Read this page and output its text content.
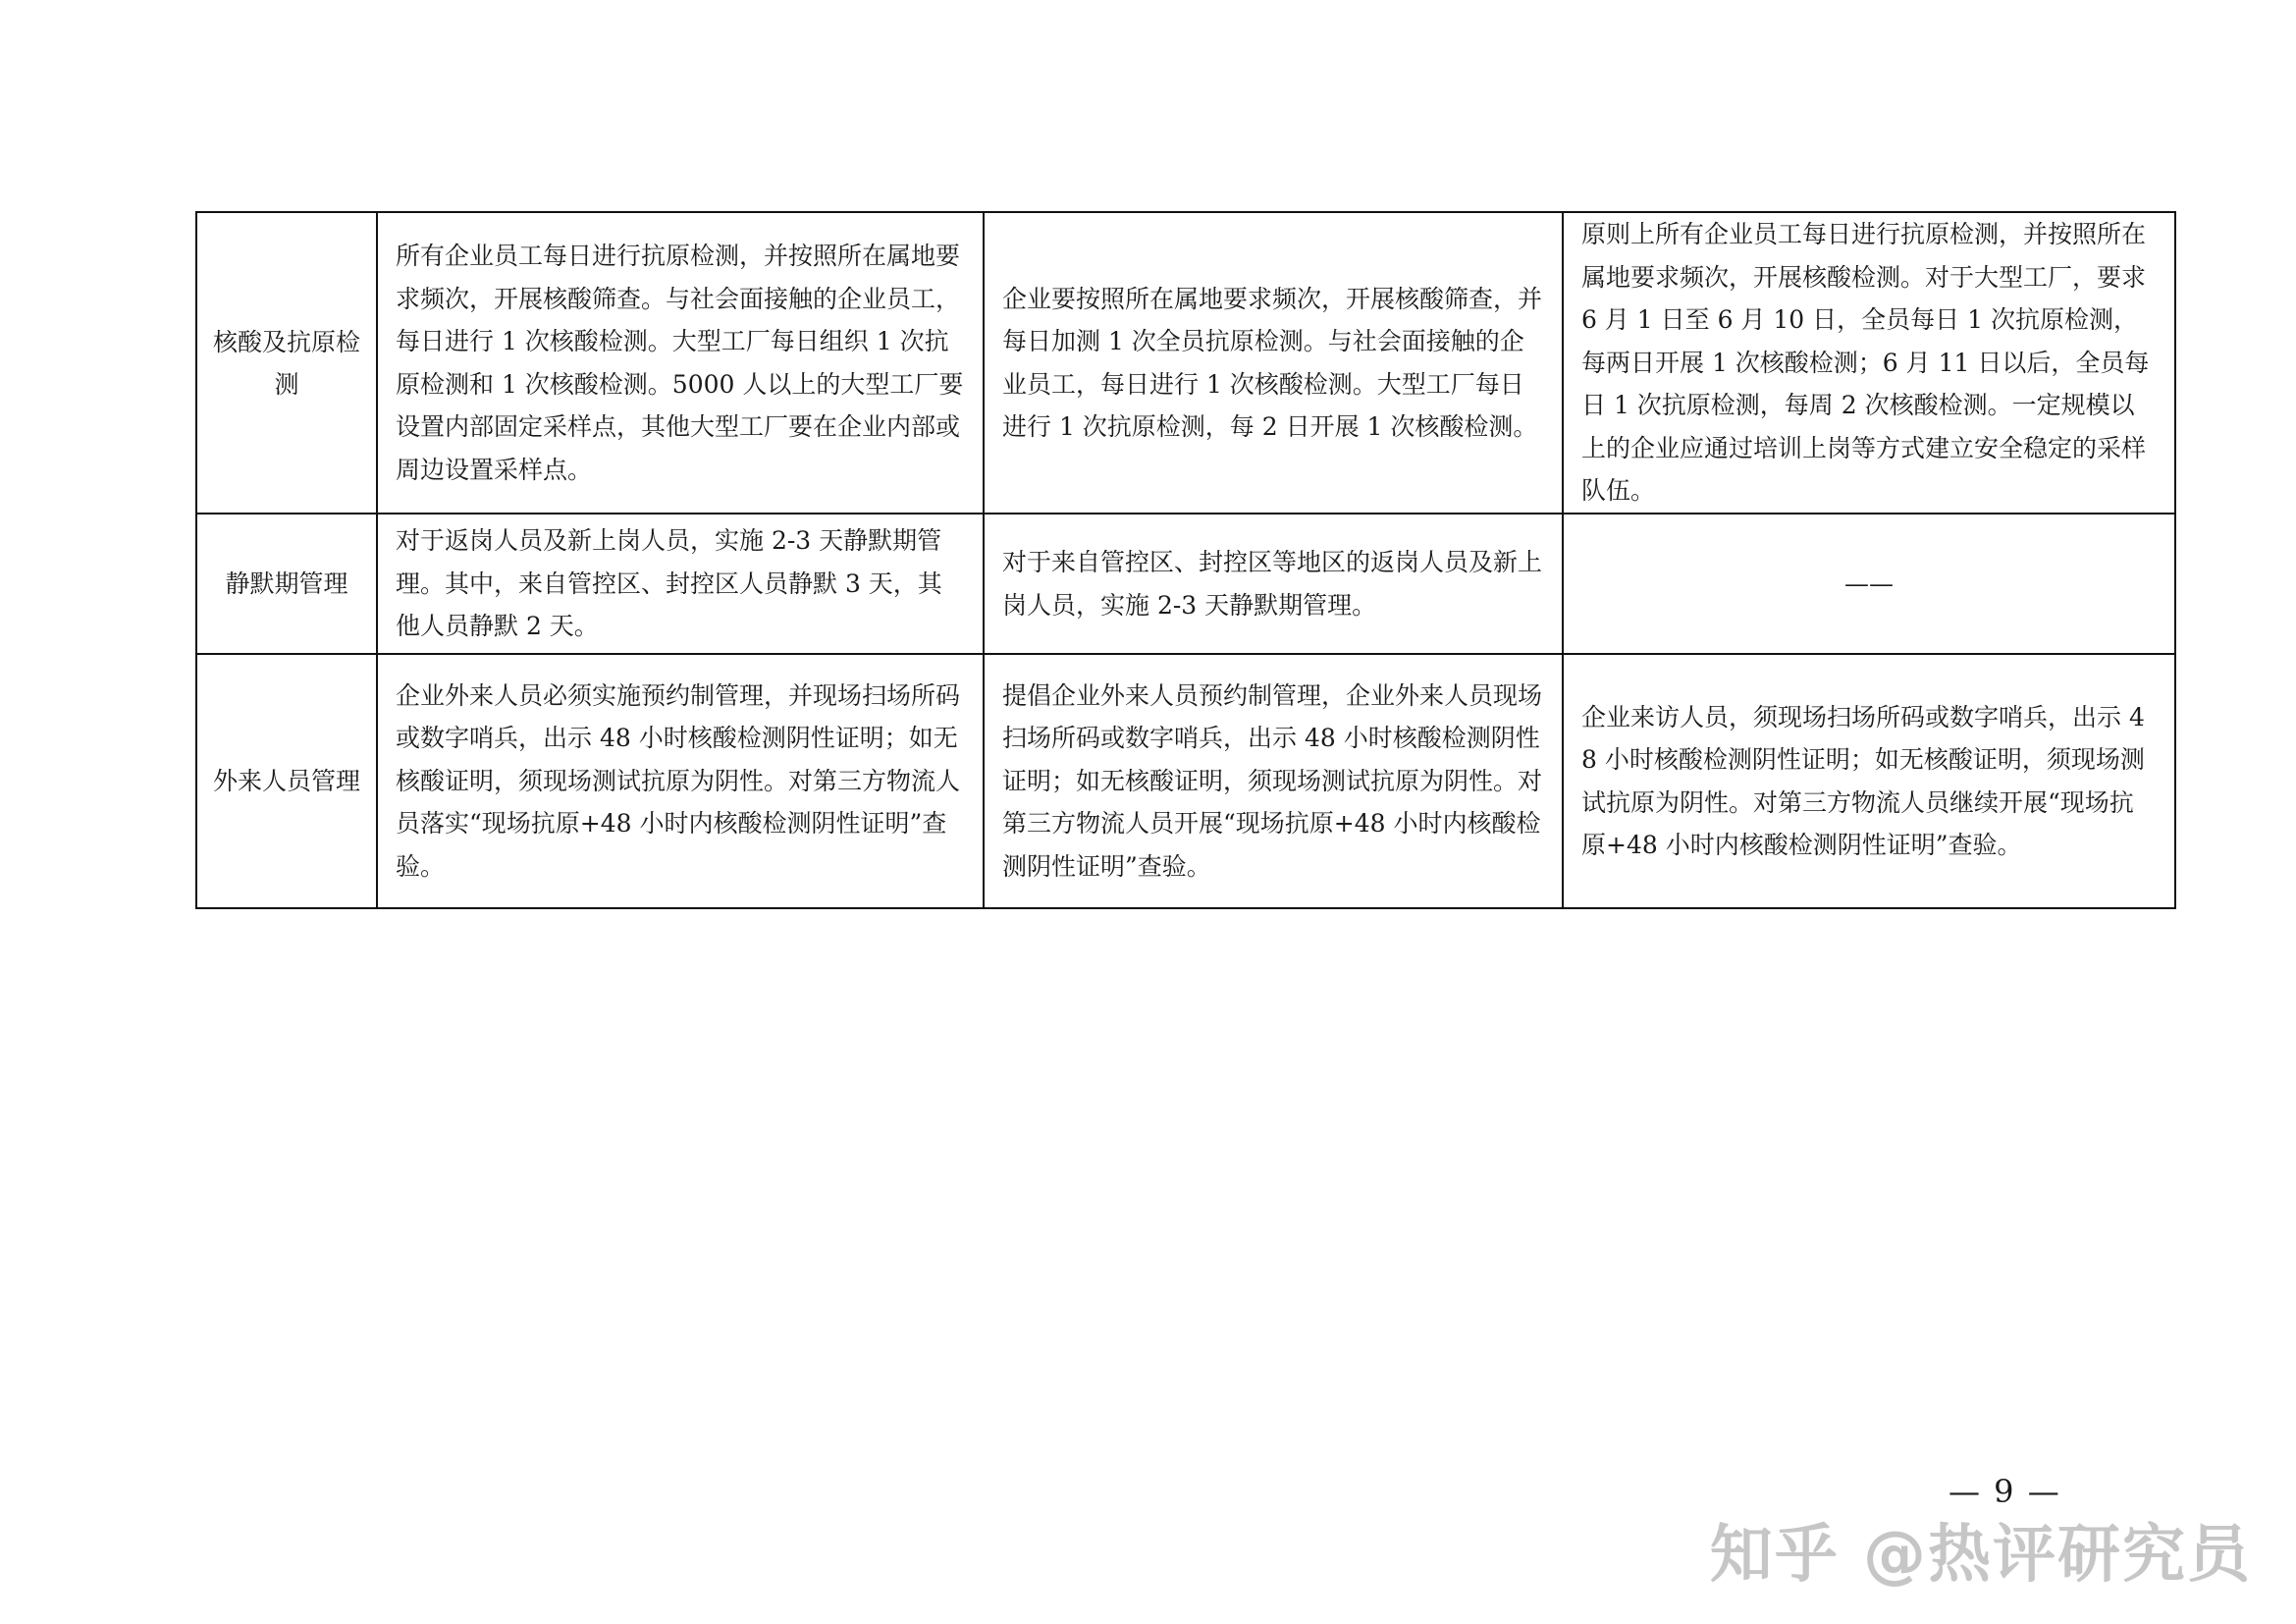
核酸及抗原检测	所有企业员工每日进行抗原检测，并按照所在属地要求频次，开展核酸筛查。与社会面接触的企业员工，每日进行 1 次核酸检测。大型工厂每日组织 1 次抗原检测和 1 次核酸检测。5000 人以上的大型工厂要设置内部固定采样点，其他大型工厂要在企业内部或周边设置采样点。	企业要按照所在属地要求频次，开展核酸筛查，并每日加测 1 次全员抗原检测。与社会面接触的企业员工，每日进行 1 次核酸检测。大型工厂每日进行 1 次抗原检测，每 2 日开展 1 次核酸检测。	原则上所有企业员工每日进行抗原检测，并按照所在属地要求频次，开展核酸检测。对于大型工厂，要求 6 月 1 日至 6 月 10 日，全员每日 1 次抗原检测，每两日开展 1 次核酸检测；6 月 11 日以后，全员每日 1 次抗原检测，每周 2 次核酸检测。一定规模以上的企业应通过培训上岗等方式建立安全稳定的采样队伍。
静默期管理	对于返岗人员及新上岗人员，实施 2-3 天静默期管理。其中，来自管控区、封控区人员静默 3 天，其他人员静默 2 天。	对于来自管控区、封控区等地区的返岗人员及新上岗人员，实施 2-3 天静默期管理。	——
外来人员管理	企业外来人员必须实施预约制管理，并现场扫场所码或数字哨兵，出示 48 小时核酸检测阴性证明；如无核酸证明，须现场测试抗原为阴性。对第三方物流人员落实“现场抗原+48 小时内核酸检测阴性证明”查验。	提倡企业外来人员预约制管理，企业外来人员现场扫场所码或数字哨兵，出示 48 小时核酸检测阴性证明；如无核酸证明，须现场测试抗原为阴性。对第三方物流人员开展“现场抗原+48 小时内核酸检测阴性证明”查验。	企业来访人员，须现场扫场所码或数字哨兵，出示 48 小时核酸检测阴性证明；如无核酸证明，须现场测试抗原为阴性。对第三方物流人员继续开展“现场抗原+48 小时内核酸检测阴性证明”查验。
— 9 —
知乎 @热评研究员
